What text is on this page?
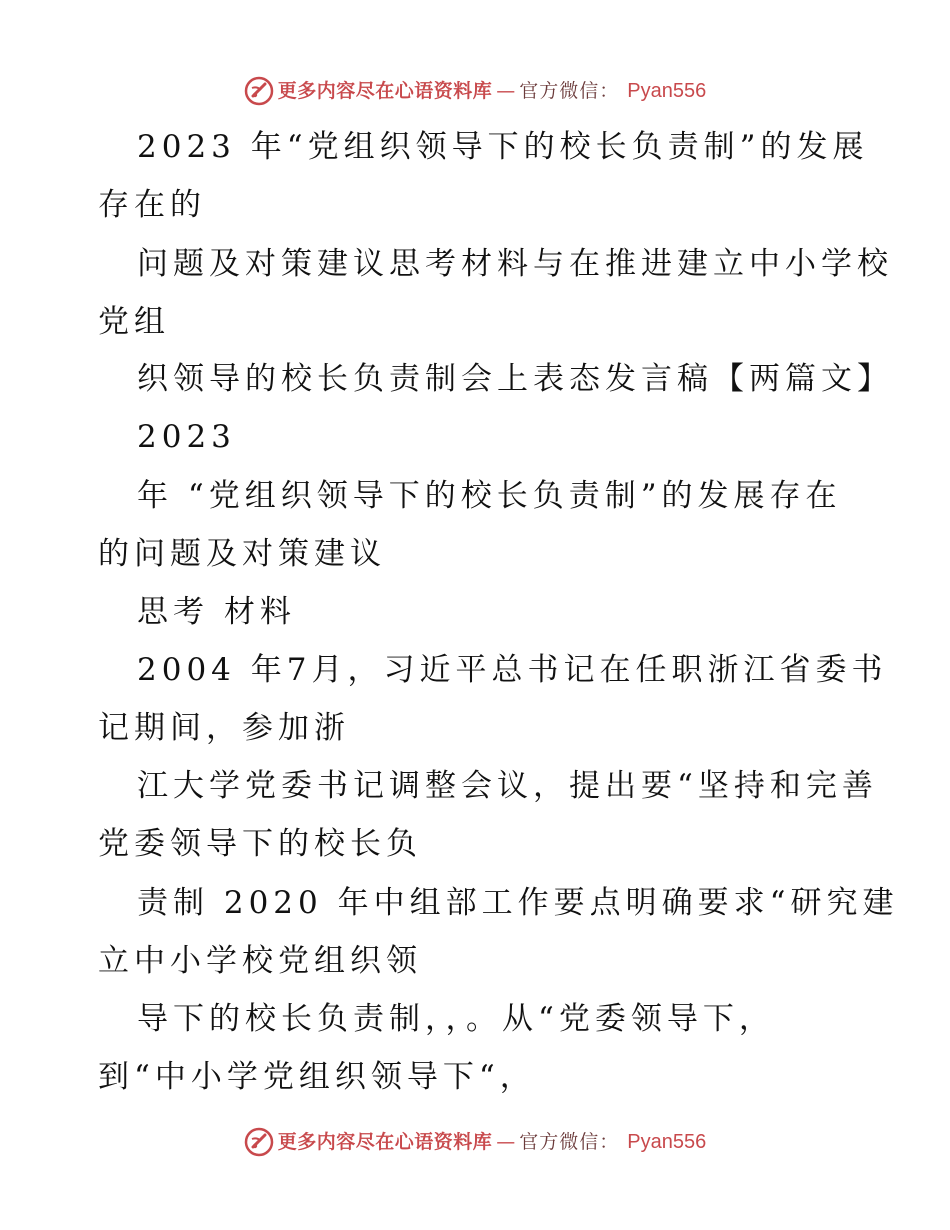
更多内容尽在心语资料库 — 官方微信： Pyan556
2023 年“党组织领导下的校长负责制”的发展
存在的
问题及对策建议思考材料与在推进建立中小学校
党组
织领导的校长负责制会上表态发言稿【两篇文】
2023
年 “党组织领导下的校长负责制”的发展存在
的问题及对策建议
思考 材料
2004 年7月，习近平总书记在任职浙江省委书
记期间，参加浙
江大学党委书记调整会议，提出要“坚持和完善
党委领导下的校长负
责制 2020 年中组部工作要点明确要求“研究建
立中小学校党组织领
导下的校长负责制，，。从“党委领导下，
到“中小学党组织领导下“，
更多内容尽在心语资料库 — 官方微信： Pyan556
